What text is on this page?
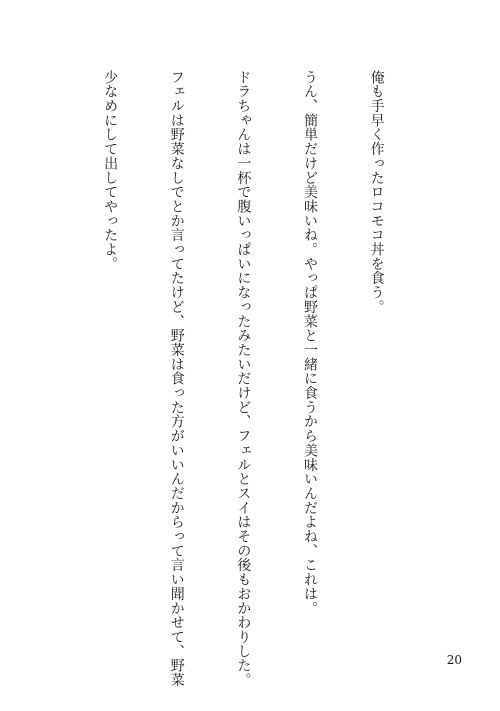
俺も手早く作ったロコモコ丼を食う。

うん、簡単だけど美味いね。やっぱ野菜と一緒に食うから美味いんだよね、これは。

ドラちゃんは一杯で腹いっぱいになったみたいだけど、フェルとスイはその後もおかわりした。

フェルは野菜なしでとか言ってたけど、野菜は食った方がいいんだからって言い聞かせて、野菜

少なめにして出してやったよ。

20
